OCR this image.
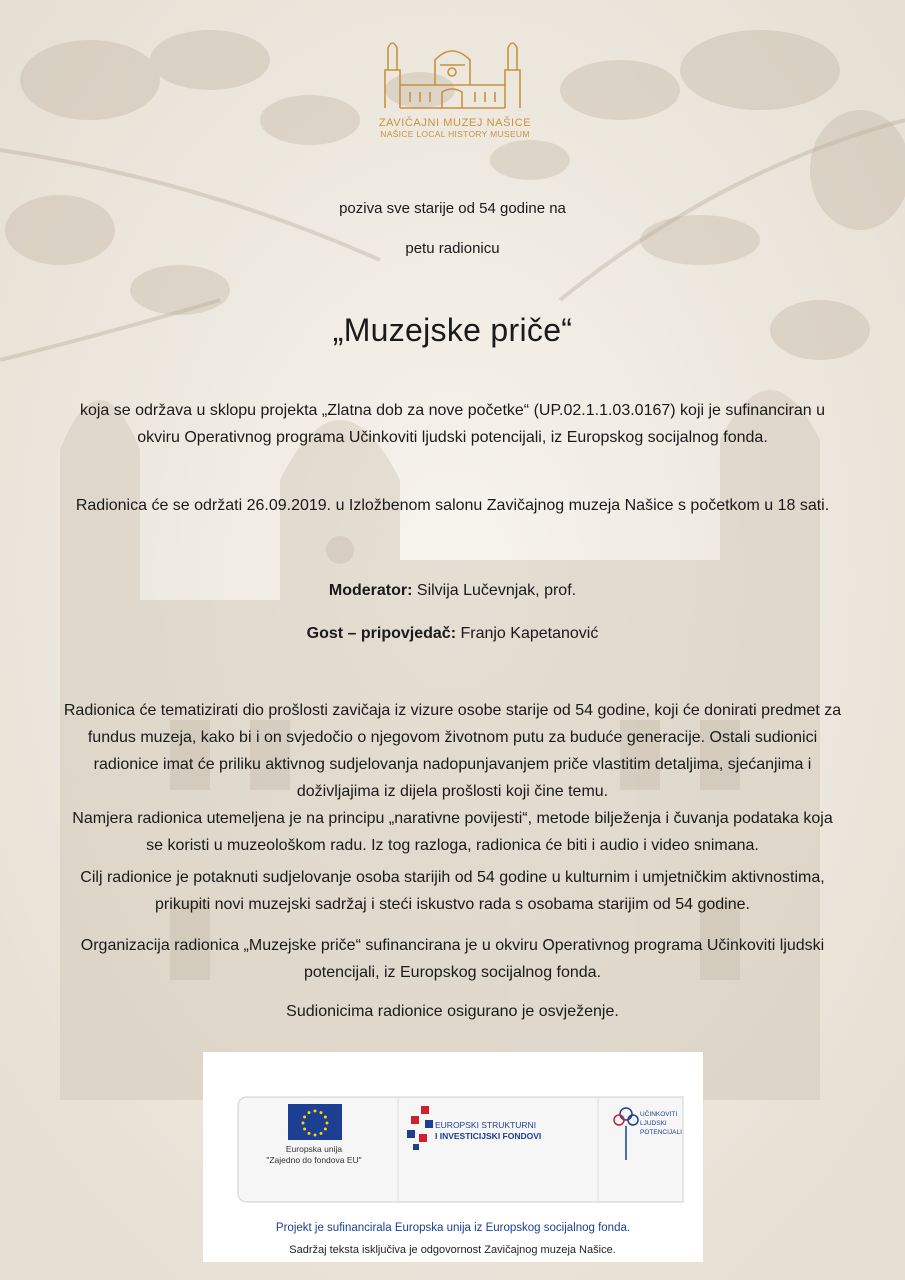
ZAVIČAJNI MUZEJ NAŠICE
NAŠICE LOCAL HISTORY MUSEUM
poziva sve starije od 54 godine na
petu radionicu
„Muzejske priče“
koja se održava u sklopu projekta „Zlatna dob za nove početke“ (UP.02.1.1.03.0167) koji je sufinanciran u
okviru Operativnog programa Učinkoviti ljudski potencijali, iz Europskog socijalnog fonda.
Radionica će se održati 26.09.2019. u Izložbenom salonu Zavičajnog muzeja Našice s početkom u 18 sati.
Moderator: Silvija Lučevnjak, prof.
Gost – pripovjedač: Franjo Kapetanović
Radionica će tematizirati dio prošlosti zavičaja iz vizure osobe starije od 54 godine, koji će donirati predmet za
fundus muzeja, kako bi i on svjedočio o njegovom životnom putu za buduće generacije. Ostali sudionici
radionice imat će priliku aktivnog sudjelovanja nadopunjavanjem priče vlastitim detaljima, sjećanjima i
doživljajima iz dijela prošlosti koji čine temu.
Namjera radionica utemeljena je na principu „narativne povijesti“, metode bilježenja i čuvanja podataka koja
se koristi u muzeološkom radu. Iz tog razloga, radionica će biti i audio i video snimana.
Cilj radionice je potaknuti sudjelovanje osoba starijih od 54 godine u kulturnim i umjetničkim aktivnostima,
prikupiti novi muzejski sadržaj i steći iskustvo rada s osobama starijim od 54 godine.
Organizacija radionica „Muzejske priče“ sufinancirana je u okviru Operativnog programa Učinkoviti ljudski
potencijali, iz Europskog socijalnog fonda.
Sudionicima radionice osigurano je osvježenje.
Europska unija
"Zajedno do fondova EU"
EUROPSKI STRUKTURNI
I INVESTICIJSKI FONDOVI
UČINKOVITI
LJUDSKI
POTENCIJALI
Projekt je sufinancirala Europska unija iz Europskog socijalnog fonda.
Sadržaj teksta isključiva je odgovornost Zavičajnog muzeja Našice.
